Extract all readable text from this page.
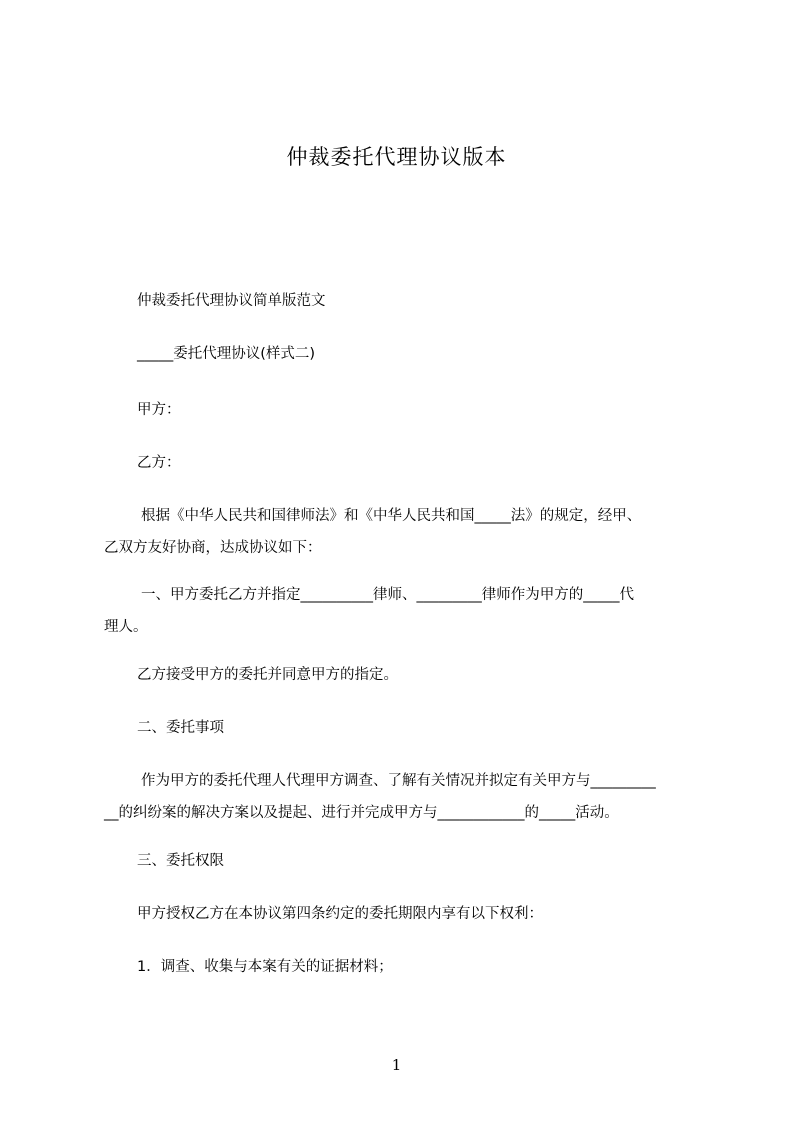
仲裁委托代理协议版本
仲裁委托代理协议简单版范文
_____委托代理协议(样式二)
甲方：
乙方：
根据《中华人民共和国律师法》和《中华人民共和国_____法》的规定，经甲、
乙双方友好协商，达成协议如下：
一、甲方委托乙方并指定__________律师、_________律师作为甲方的_____代
理人。
乙方接受甲方的委托并同意甲方的指定。
二、委托事项
作为甲方的委托代理人代理甲方调查、了解有关情况并拟定有关甲方与_________
__的纠纷案的解决方案以及提起、进行并完成甲方与____________的_____活动。
三、委托权限
甲方授权乙方在本协议第四条约定的委托期限内享有以下权利：
1．调查、收集与本案有关的证据材料；
1
